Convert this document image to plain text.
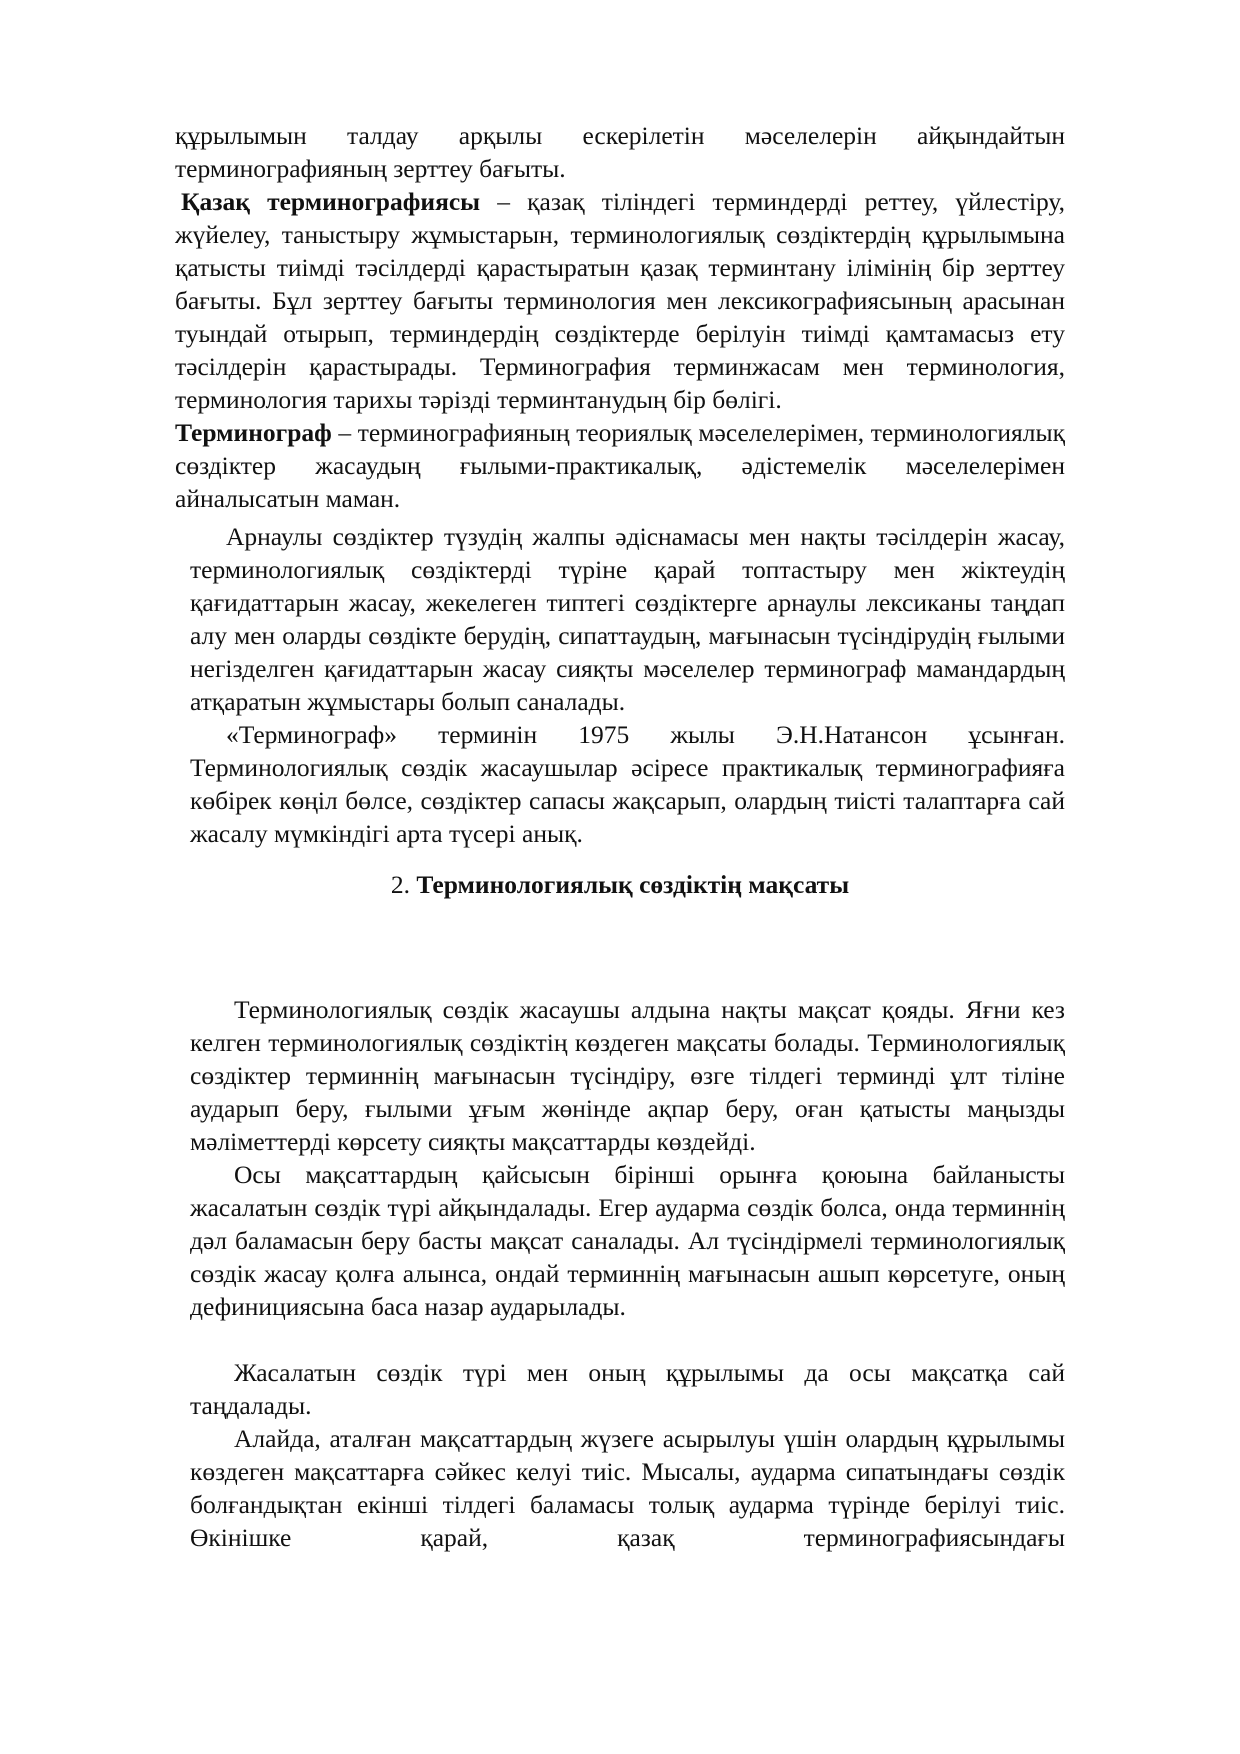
құрылымын талдау арқылы ескерілетін мәселелерін айқындайтын терминографияның зерттеу бағыты.

Қазақ терминографиясы – қазақ тіліндегі терминдерді реттеу, үйлестіру, жүйелеу, таныстыру жұмыстарын, терминологиялық сөздіктердің құрылымына қатысты тиімді тәсілдерді қарастыратын қазақ терминтану ілімінің бір зерттеу бағыты. Бұл зерттеу бағыты терминология мен лексикографиясының арасынан туындай отырып, терминдердің сөздіктерде берілуін тиімді қамтамасыз ету тәсілдерін қарастырады. Терминография терминжасам мен терминология, терминология тарихы тәрізді терминтанудың бір бөлігі.

Терминограф – терминографияның теориялық мәселелерімен, терминологиялық сөздіктер жасаудың ғылыми-практикалық, әдістемелік мәселелерімен айналысатын маман.

Арнаулы сөздіктер түзудің жалпы әдіснамасы мен нақты тәсілдерін жасау, терминологиялық сөздіктерді түріне қарай топтастыру мен жіктеудің қағидаттарын жасау, жекелеген типтегі сөздіктерге арнаулы лексиканы таңдап алу мен оларды сөздікте берудің, сипаттаудың, мағынасын түсіндірудің ғылыми негізделген қағидаттарын жасау сияқты мәселелер терминограф мамандардың атқаратын жұмыстары болып саналады.

«Терминограф» терминін 1975 жылы Э.Н.Натансон ұсынған. Терминологиялық сөздік жасаушылар әсіресе практикалық терминографияға көбірек көңіл бөлсе, сөздіктер сапасы жақсарып, олардың тиісті талаптарға сай жасалу мүмкіндігі арта түсері анық.

2. Терминологиялық сөздіктің мақсаты

Терминологиялық сөздік жасаушы алдына нақты мақсат қояды. Яғни кез келген терминологиялық сөздіктің көздеген мақсаты болады. Терминологиялық сөздіктер терминнің мағынасын түсіндіру, өзге тілдегі терминді ұлт тіліне аударып беру, ғылыми ұғым жөнінде ақпар беру, оған қатысты маңызды мәліметтерді көрсету сияқты мақсаттарды көздейді.

Осы мақсаттардың қайсысын бірінші орынға қоюына байланысты жасалатын сөздік түрі айқындалады. Егер аударма сөздік болса, онда терминнің дәл баламасын беру басты мақсат саналады. Ал түсіндірмелі терминологиялық сөздік жасау қолға алынса, ондай терминнің мағынасын ашып көрсетуге, оның дефинициясына баса назар аударылады.

Жасалатын сөздік түрі мен оның құрылымы да осы мақсатқа сай таңдалады.

Алайда, аталған мақсаттардың жүзеге асырылуы үшін олардың құрылымы көздеген мақсаттарға сәйкес келуі тиіс. Мысалы, аударма сипатындағы сөздік болғандықтан екінші тілдегі баламасы толық аударма түрінде берілуі тиіс. Өкінішке қарай, қазақ терминографиясындағы
